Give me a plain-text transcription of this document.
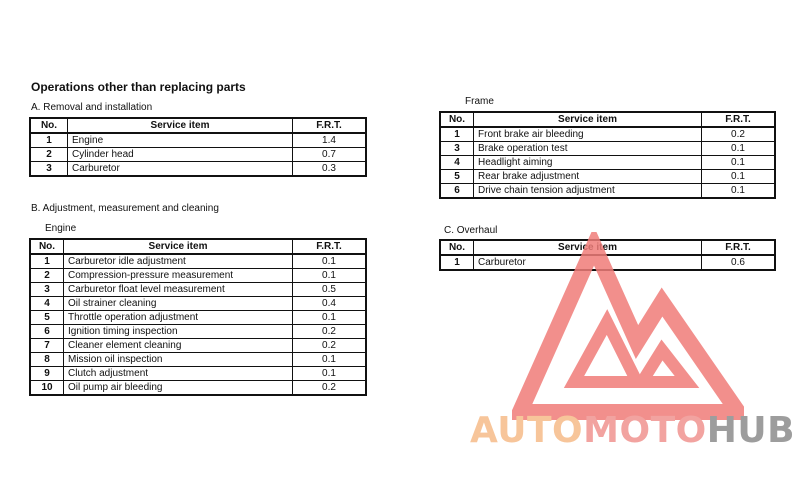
Operations other than replacing parts
A. Removal and installation
No.	Service item	F.R.T.
1	Engine	1.4
2	Cylinder head	0.7
3	Carburetor	0.3
B. Adjustment, measurement and cleaning
Engine
No.	Service item	F.R.T.
1	Carburetor idle adjustment	0.1
2	Compression-pressure measurement	0.1
3	Carburetor float level measurement	0.5
4	Oil strainer cleaning	0.4
5	Throttle operation adjustment	0.1
6	Ignition timing inspection	0.2
7	Cleaner element cleaning	0.2
8	Mission oil inspection	0.1
9	Clutch adjustment	0.1
10	Oil pump air bleeding	0.2
Frame
No.	Service item	F.R.T.
1	Front brake air bleeding	0.2
3	Brake operation test	0.1
4	Headlight aiming	0.1
5	Rear brake adjustment	0.1
6	Drive chain tension adjustment	0.1
C. Overhaul
No.	Service item	F.R.T.
1	Carburetor	0.6
AUTOMOTOHUB
